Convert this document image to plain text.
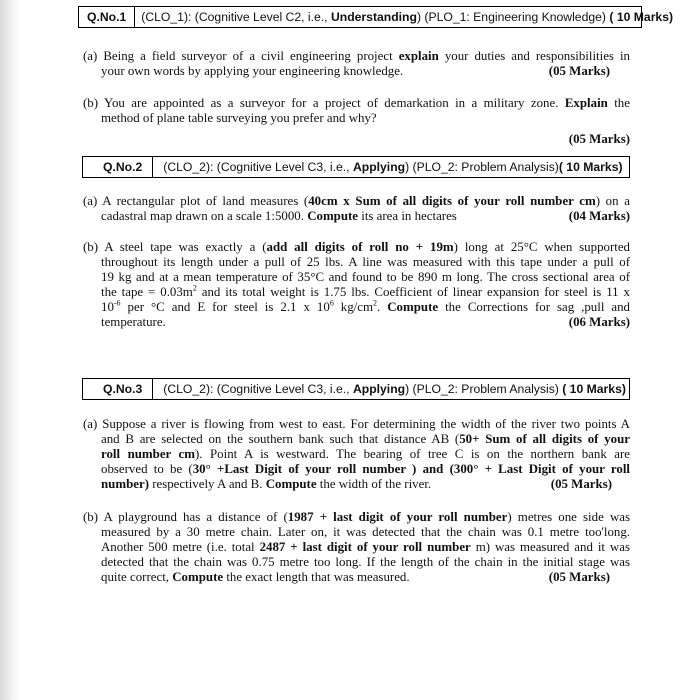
Q.No.1	(CLO_1): (Cognitive Level C2, i.e., Understanding) (PLO_1: Engineering Knowledge) ( 10 Marks)
(a) Being a field surveyor of a civil engineering project explain your duties and responsibilities in
your own words by applying your engineering knowledge.	(05 Marks)
(b) You are appointed as a surveyor for a project of demarkation in a military zone. Explain the
method of plane table surveying you prefer and why?
(05 Marks)
Q.No.2	(CLO_2): (Cognitive Level C3, i.e., Applying) (PLO_2: Problem Analysis) ( 10 Marks)
(a) A rectangular plot of land measures (40cm x Sum of all digits of your roll number cm) on a
cadastral map drawn on a scale 1:5000. Compute its area in hectares	(04 Marks)
(b) A steel tape was exactly a (add all digits of roll no + 19m) long at 25°C when supported
throughout its length under a pull of 25 lbs. A line was measured with this tape under a pull of
19 kg and at a mean temperature of 35°C and found to be 890 m long. The cross sectional area of
the tape = $0.03m^2$ and its total weight is 1.75 lbs. Coefficient of linear expansion for steel is 11 x
$10^{-6}$ per °C and E for steel is 2.1 x $10^6$ $kg/cm^2$. Compute the Corrections for sag ,pull and
temperature.	(06 Marks)
Q.No.3	(CLO_2): (Cognitive Level C3, i.e., Applying) (PLO_2: Problem Analysis) ( 10 Marks)
(a) Suppose a river is flowing from west to east. For determining the width of the river two points A
and B are selected on the southern bank such that distance AB (50+ Sum of all digits of your
roll number cm). Point A is westward. The bearing of tree C is on the northern bank are
observed to be (30° +Last Digit of your roll number ) and (300° + Last Digit of your roll
number) respectively A and B. Compute the width of the river.	(05 Marks)
(b) A playground has a distance of (1987 + last digit of your roll number) metres one side was
measured by a 30 metre chain. Later on, it was detected that the chain was 0.1 metre too'long.
Another 500 metre (i.e. total 2487 + last digit of your roll number m) was measured and it was
detected that the chain was 0.75 metre too long. If the length of the chain in the initial stage was
quite correct, Compute the exact length that was measured.	(05 Marks)
